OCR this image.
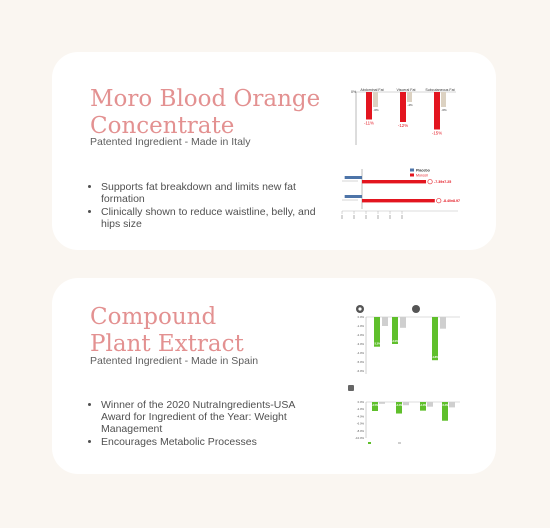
Moro Blood Orange
Concentrate

Patented Ingredient - Made in Italy

• Supports fat breakdown and limits new fat formation
• Clinically shown to reduce waistline, belly, and hips size
0% Abdominal Fat
-11%
-6%
Visceral Fat
-12%
-4%
Subcutaneous Fat
-15%
-6%
Placebo
Morosil
-7.39±7.25
-8.40±8.97
Compound
Plant Extract

Patented Ingredient - Made in Spain

• Winner of the 2020 NutraIngredients-USA Award for Ingredient of the Year: Weight Management
• Encourages Metabolic Processes
0.0%
-1.0%
-2.0%
-3.0%
-4.0%
-5.0%
-6.0%
-3.3%
-3.0%
-4.8%
0.0%
-2.0%
-4.0%
-6.0%
-8.0%
-10.0%
-2.5%	-3.2%	-2.4%	-5.2%
